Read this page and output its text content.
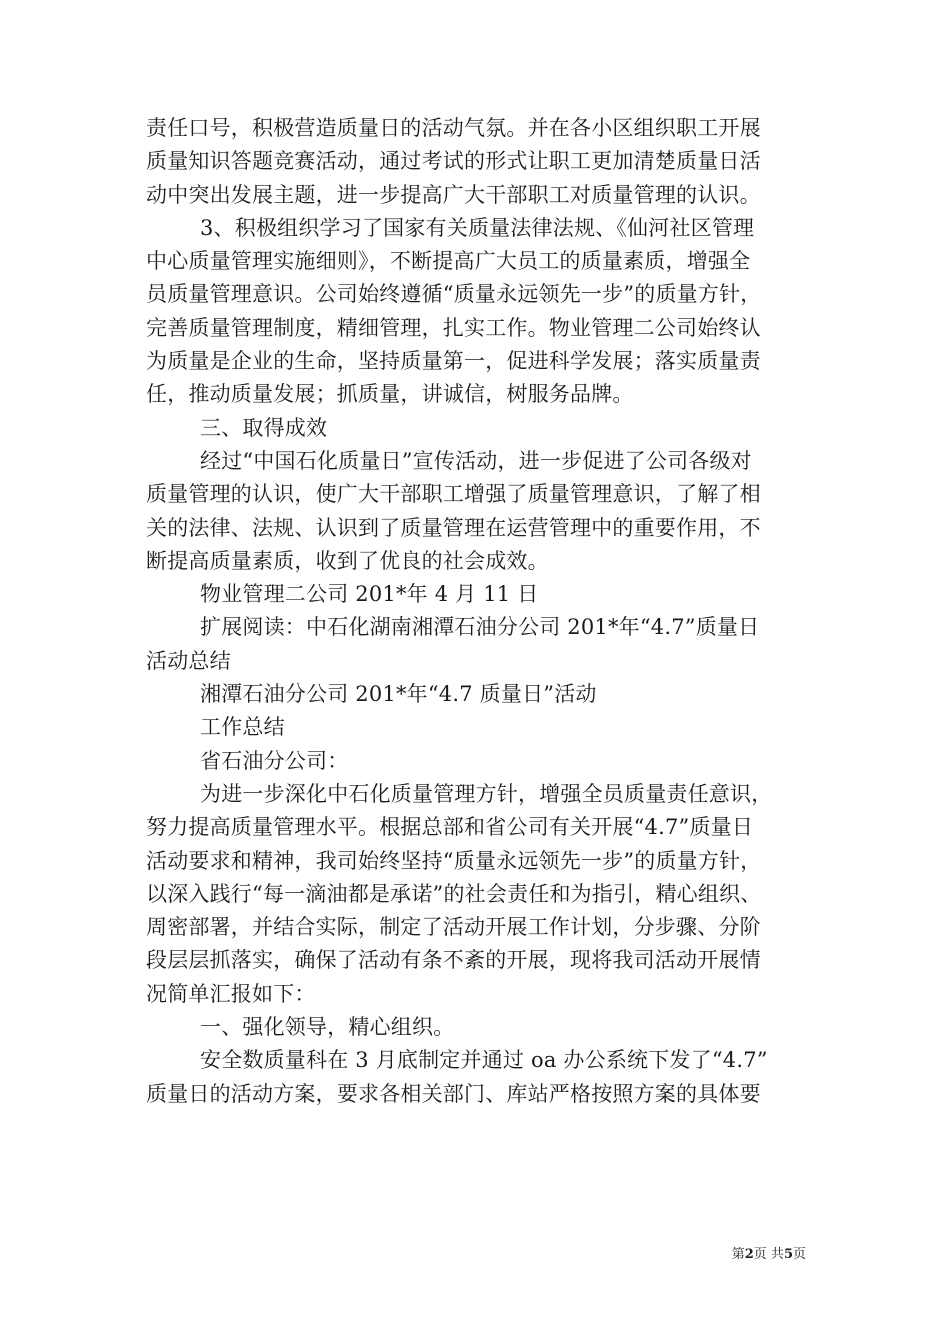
责任口号，积极营造质量日的活动气氛。并在各小区组织职工开展
质量知识答题竞赛活动，通过考试的形式让职工更加清楚质量日活
动中突出发展主题，进一步提高广大干部职工对质量管理的认识。
3、积极组织学习了国家有关质量法律法规、《仙河社区管理
中心质量管理实施细则》，不断提高广大员工的质量素质，增强全
员质量管理意识。公司始终遵循“质量永远领先一步”的质量方针，
完善质量管理制度，精细管理，扎实工作。物业管理二公司始终认
为质量是企业的生命，坚持质量第一，促进科学发展；落实质量责
任，推动质量发展；抓质量，讲诚信，树服务品牌。
三、取得成效
经过“中国石化质量日”宣传活动，进一步促进了公司各级对
质量管理的认识，使广大干部职工增强了质量管理意识，了解了相
关的法律、法规、认识到了质量管理在运营管理中的重要作用，不
断提高质量素质，收到了优良的社会成效。
物业管理二公司 201*年 4 月 11 日
扩展阅读：中石化湖南湘潭石油分公司 201*年“4.7”质量日
活动总结
湘潭石油分公司 201*年“4.7 质量日”活动
工作总结
省石油分公司：
为进一步深化中石化质量管理方针，增强全员质量责任意识，
努力提高质量管理水平。根据总部和省公司有关开展“4.7”质量日
活动要求和精神，我司始终坚持“质量永远领先一步”的质量方针，
以深入践行“每一滴油都是承诺”的社会责任和为指引，精心组织、
周密部署，并结合实际，制定了活动开展工作计划，分步骤、分阶
段层层抓落实，确保了活动有条不紊的开展，现将我司活动开展情
况简单汇报如下：
一、强化领导，精心组织。
安全数质量科在 3 月底制定并通过 oa 办公系统下发了“4.7”
质量日的活动方案，要求各相关部门、库站严格按照方案的具体要
第2页 共5页
